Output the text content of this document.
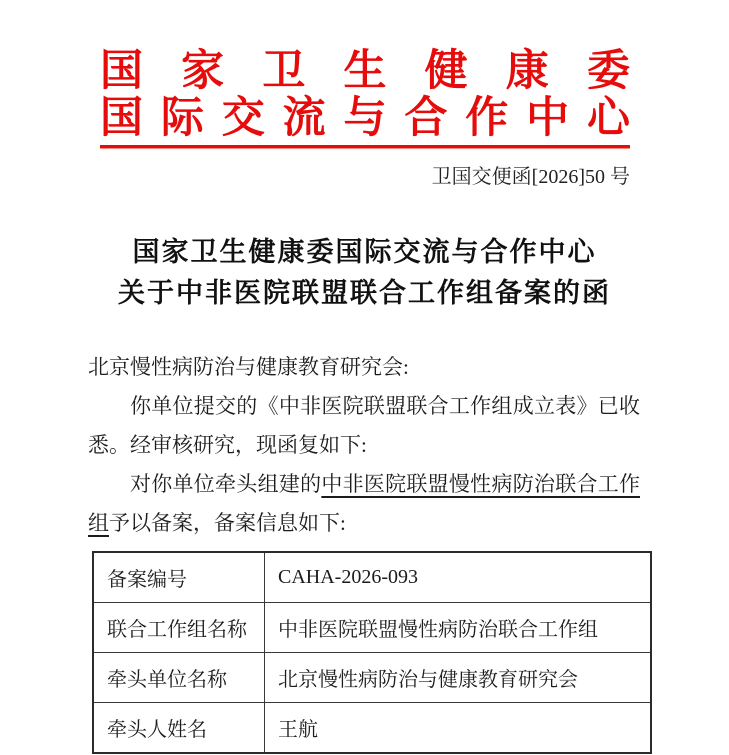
国 家 卫 生 健 康 委
国 际 交 流 与 合 作 中 心
卫国交便函[2026]50 号
国家卫生健康委国际交流与合作中心
关于中非医院联盟联合工作组备案的函

北京慢性病防治与健康教育研究会:

你单位提交的《中非医院联盟联合工作组成立表》已收悉。经审核研究，现函复如下:

对你单位牵头组建的中非医院联盟慢性病防治联合工作组予以备案，备案信息如下:

备案编号	CAHA-2026-093
联合工作组名称	中非医院联盟慢性病防治联合工作组
牵头单位名称	北京慢性病防治与健康教育研究会
牵头人姓名	王航
